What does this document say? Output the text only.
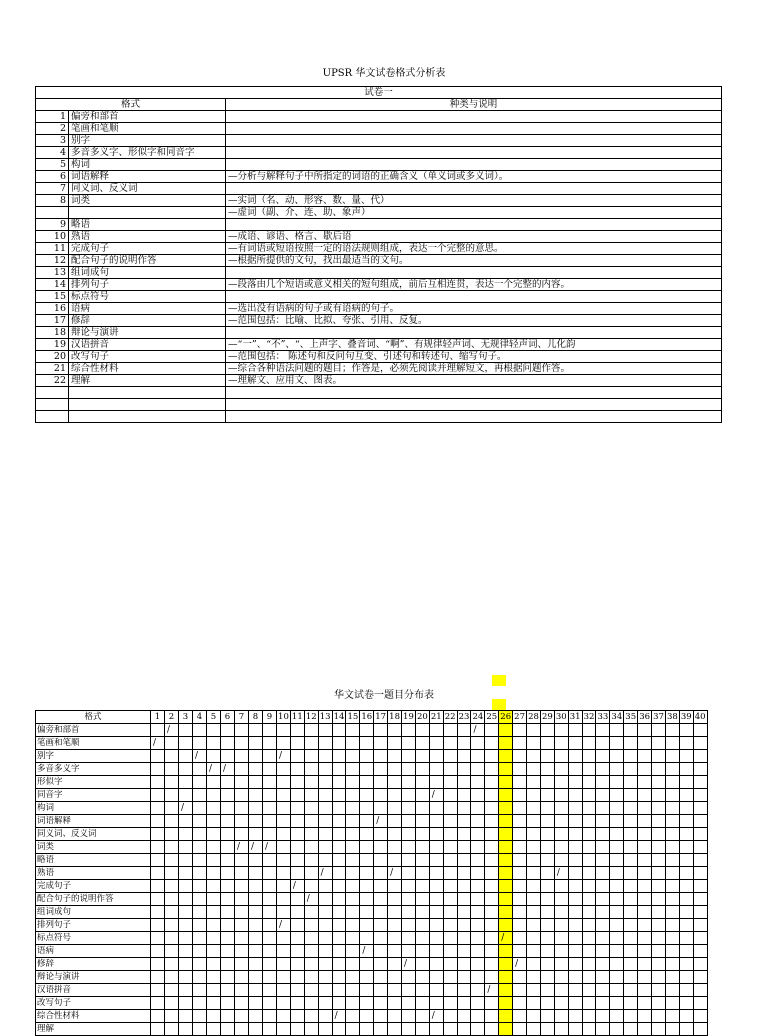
UPSR 华文试卷格式分析表
试卷一		
格式		种类与说明
1	偏旁和部首	
2	笔画和笔顺	
3	别字	
4	多音多义字、形似字和同音字	
5	构词	
6	词语解释	—分析与解释句子中所指定的词语的正确含义（单义词或多义词）。
7	同义词、反义词	
8	词类	—实词（名、动、形容、数、量、代）
		—虚词（副、介、连、助、象声）
9	略语	
10	熟语	—成语、谚语、格言、歇后语
11	完成句子	—有词语或短语按照一定的语法规则组成，表达一个完整的意思。
12	配合句子的说明作答	—根据所提供的文句，找出最适当的文句。
13	组词成句	
14	排列句子	—段落由几个短语或意义相关的短句组成，前后互相连贯，表达一个完整的内容。
15	标点符号	
16	语病	—选出没有语病的句子或有语病的句子。
17	修辞	—范围包括：比喻、比拟、夸张、引用、反复。
18	辩论与演讲	
19	汉语拼音	—“一”、“不”、“、上声字、叠音词、“啊”、有规律轻声词、无规律轻声词、儿化韵
20	改写句子	—范围包括： 陈述句和反问句互变、引述句和转述句、缩写句子。
21	综合性材料	—综合各种语法问题的题目；作答是，必须先阅读并理解短文，再根据问题作答。
22	理解	—理解文、应用文、图表。

华文试卷一题目分布表
格式	1	2	3	4	5	6	7	8	9	10	11	12	13	14	15	16	17	18	19	20	21	22	23	24	25	26	27	28	29	30	31	32	33	34	35	36	37	38	39	40
偏旁和部首		/																						/																
笔画和笔顺	/																																							
别字				/						/																														
多音多义字					/	/																																		
形似字																																								
同音字																					/																			
构词			/																																					
词语解释																	/																							
同义词、反义词																																								
词类							/	/	/																															
略语																																								
熟语													/					/												/										
完成句子											/																													
配合句子的说明作答												/																												
组词成句																																								
排列句子										/																														
标点符号																										/														
语病																/																								
修辞																			/								/													
辩论与演讲																																								
汉语拼音																									/															
改写句子																																								
综合性材料														/							/																			
理解																																								
